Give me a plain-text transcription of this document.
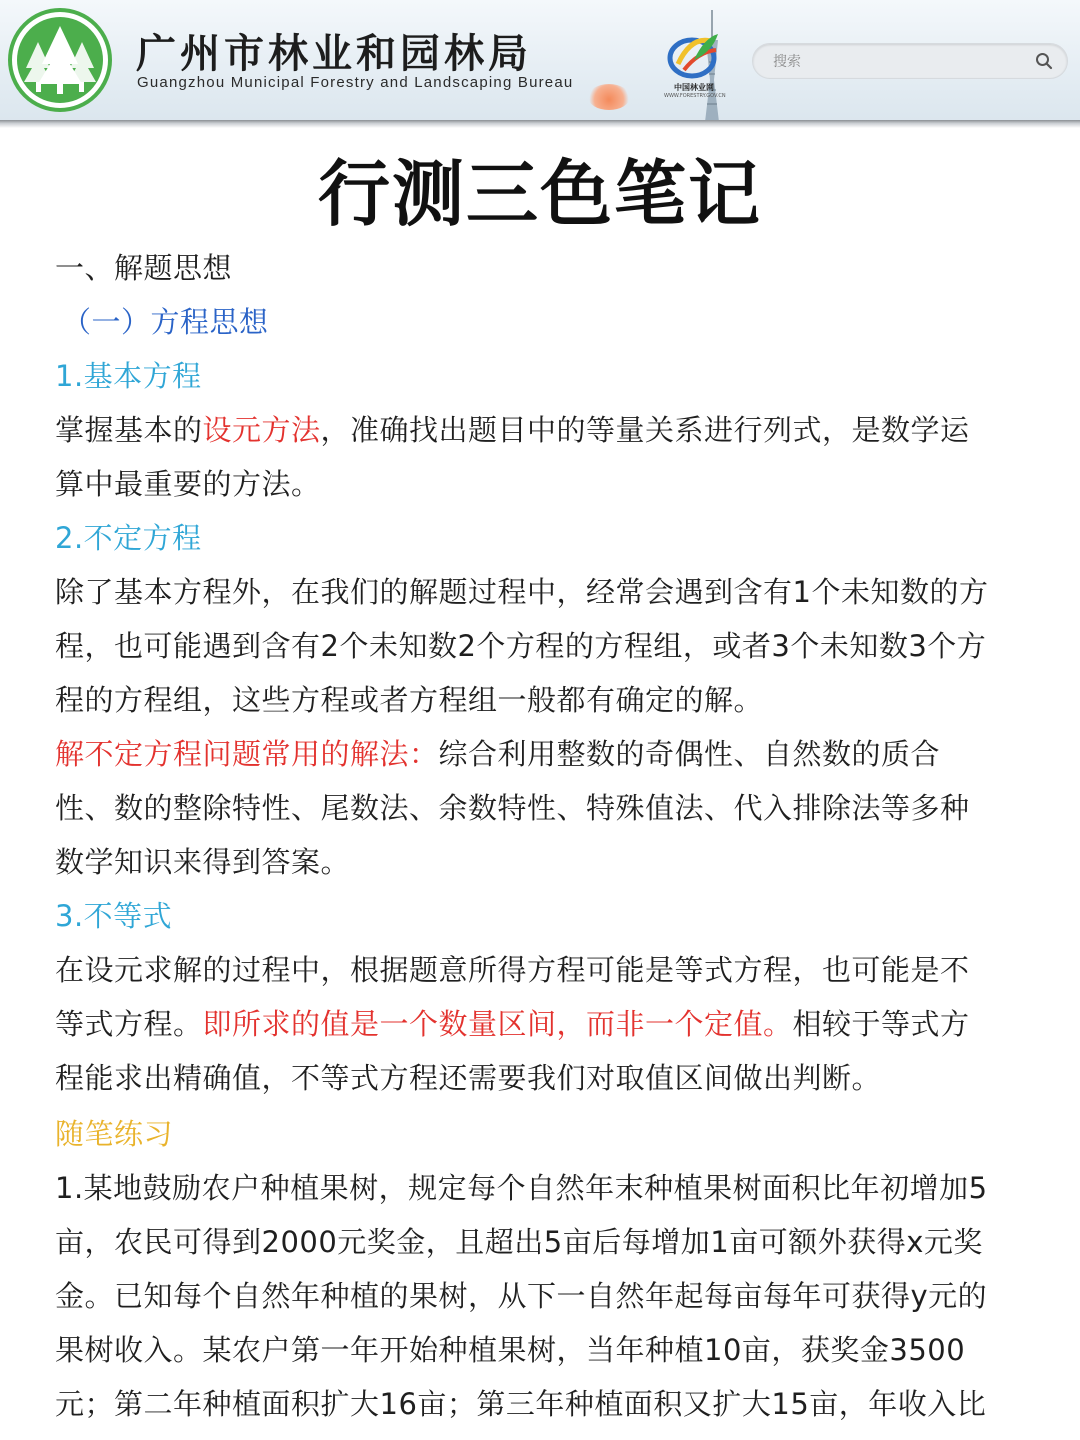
广州市林业和园林局
Guangzhou Municipal Forestry and Landscaping Bureau	中国林业网
WWW.FORESTRY.GOV.CN
搜索
行测三色笔记
一、解题思想
（一）方程思想
1.基本方程
掌握基本的设元方法，准确找出题目中的等量关系进行列式，是数学运
算中最重要的方法。
2.不定方程
除了基本方程外，在我们的解题过程中，经常会遇到含有1个未知数的方
程，也可能遇到含有2个未知数2个方程的方程组，或者3个未知数3个方
程的方程组，这些方程或者方程组一般都有确定的解。
解不定方程问题常用的解法：综合利用整数的奇偶性、自然数的质合
性、数的整除特性、尾数法、余数特性、特殊值法、代入排除法等多种
数学知识来得到答案。
3.不等式
在设元求解的过程中，根据题意所得方程可能是等式方程，也可能是不
等式方程。即所求的值是一个数量区间，而非一个定值。相较于等式方
程能求出精确值，不等式方程还需要我们对取值区间做出判断。
随笔练习
1.某地鼓励农户种植果树，规定每个自然年末种植果树面积比年初增加5
亩，农民可得到2000元奖金，且超出5亩后每增加1亩可额外获得x元奖
金。已知每个自然年种植的果树，从下一自然年起每亩每年可获得y元的
果树收入。某农户第一年开始种植果树，当年种植10亩，获奖金3500
元；第二年种植面积扩大16亩；第三年种植面积又扩大15亩，年收入比
